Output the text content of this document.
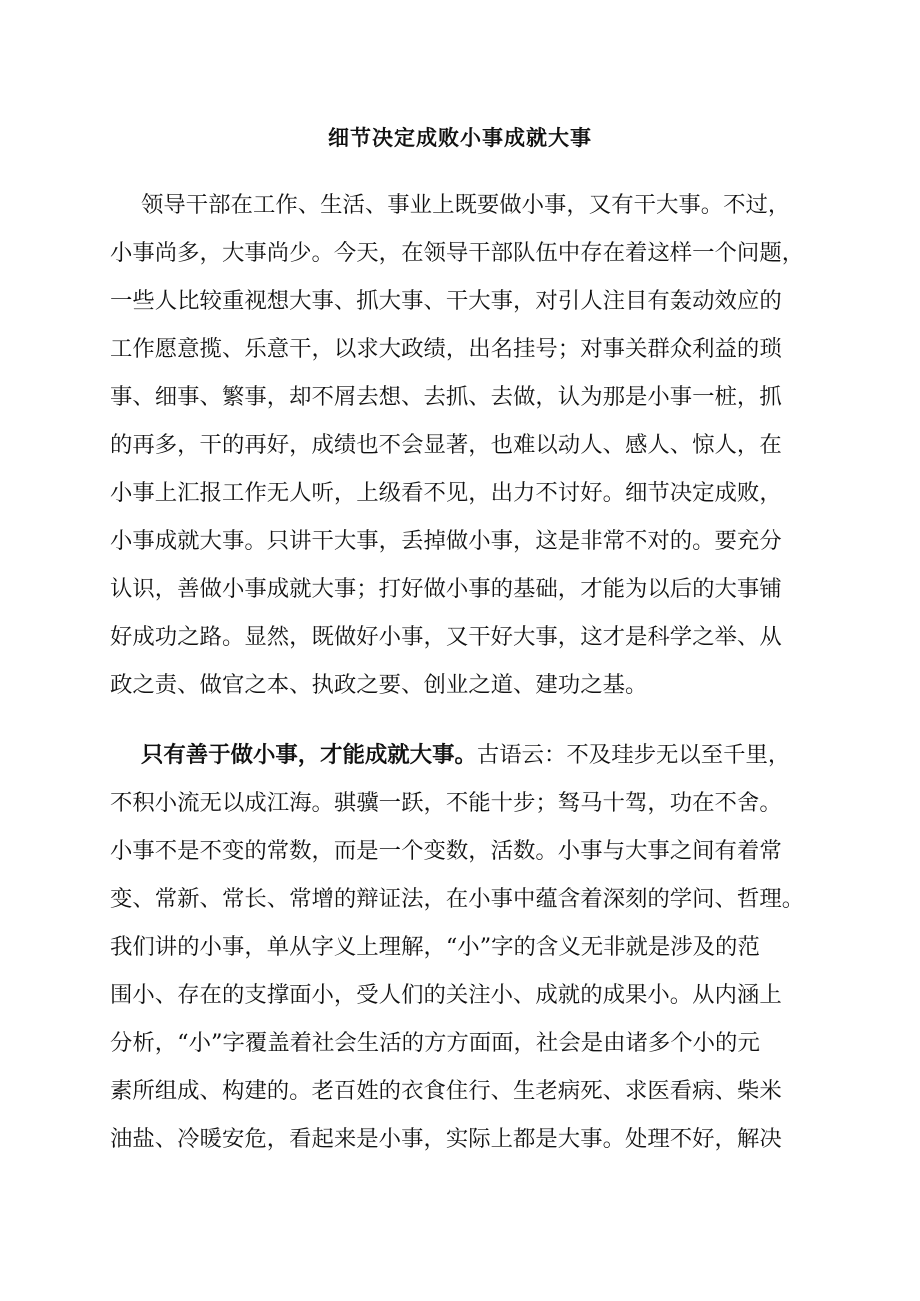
细节决定成败小事成就大事
领导干部在工作、生活、事业上既要做小事，又有干大事。不过，
小事尚多，大事尚少。今天，在领导干部队伍中存在着这样一个问题，
一些人比较重视想大事、抓大事、干大事，对引人注目有轰动效应的
工作愿意揽、乐意干，以求大政绩，出名挂号；对事关群众利益的琐
事、细事、繁事，却不屑去想、去抓、去做，认为那是小事一桩，抓
的再多，干的再好，成绩也不会显著，也难以动人、感人、惊人，在
小事上汇报工作无人听，上级看不见，出力不讨好。细节决定成败，
小事成就大事。只讲干大事，丢掉做小事，这是非常不对的。要充分
认识，善做小事成就大事；打好做小事的基础，才能为以后的大事铺
好成功之路。显然，既做好小事，又干好大事，这才是科学之举、从
政之责、做官之本、执政之要、创业之道、建功之基。
只有善于做小事，才能成就大事。古语云：不及珪步无以至千里，
不积小流无以成江海。骐骥一跃，不能十步；驽马十驾，功在不舍。
小事不是不变的常数，而是一个变数，活数。小事与大事之间有着常
变、常新、常长、常增的辩证法，在小事中蕴含着深刻的学问、哲理。
我们讲的小事，单从字义上理解，“小”字的含义无非就是涉及的范
围小、存在的支撑面小，受人们的关注小、成就的成果小。从内涵上
分析，“小”字覆盖着社会生活的方方面面，社会是由诸多个小的元
素所组成、构建的。老百姓的衣食住行、生老病死、求医看病、柴米
油盐、冷暖安危，看起来是小事，实际上都是大事。处理不好，解决
